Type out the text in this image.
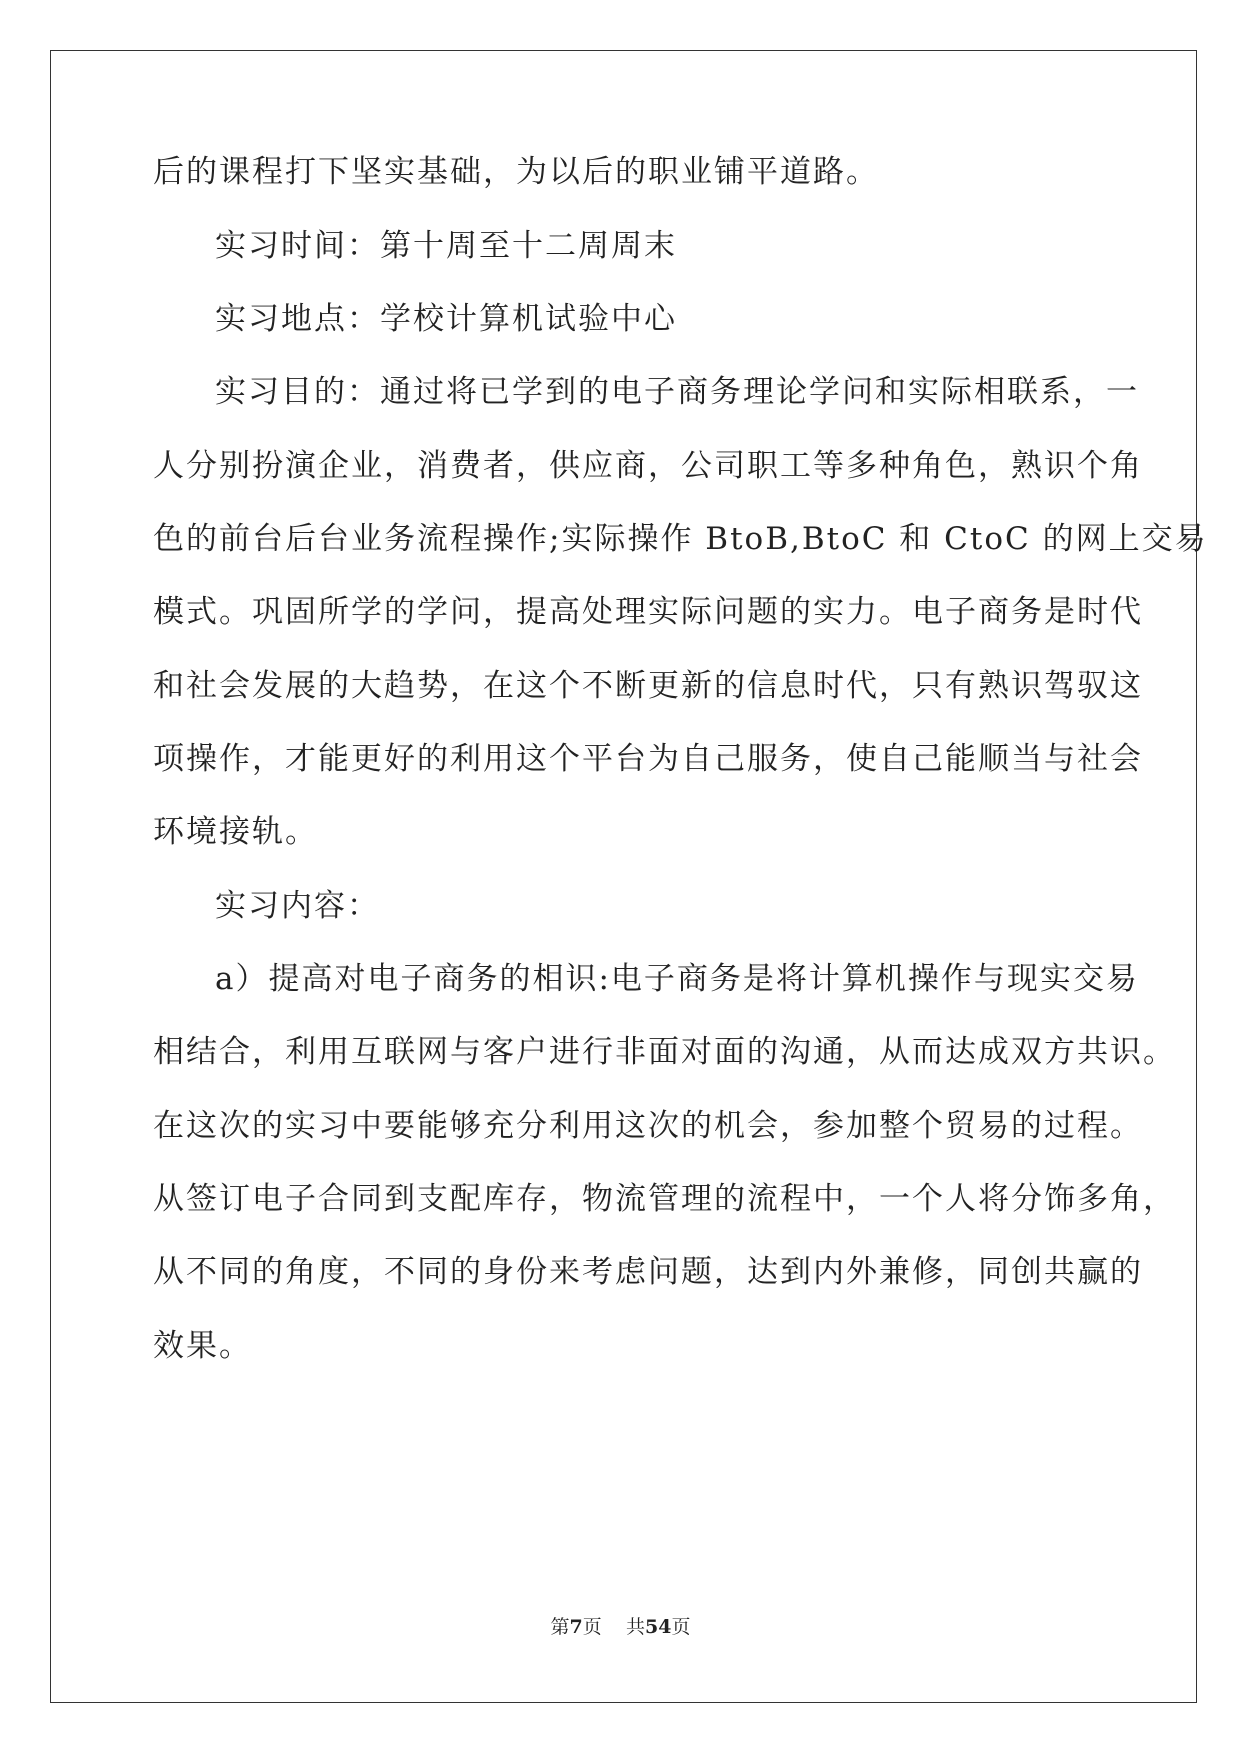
后的课程打下坚实基础，为以后的职业铺平道路。
实习时间：第十周至十二周周末
实习地点：学校计算机试验中心
实习目的：通过将已学到的电子商务理论学问和实际相联系，一
人分别扮演企业，消费者，供应商，公司职工等多种角色，熟识个角
色的前台后台业务流程操作;实际操作 BtoB,BtoC 和 CtoC 的网上交易
模式。巩固所学的学问，提高处理实际问题的实力。电子商务是时代
和社会发展的大趋势，在这个不断更新的信息时代，只有熟识驾驭这
项操作，才能更好的利用这个平台为自己服务，使自己能顺当与社会
环境接轨。
实习内容：
a）提高对电子商务的相识:电子商务是将计算机操作与现实交易
相结合，利用互联网与客户进行非面对面的沟通，从而达成双方共识。
在这次的实习中要能够充分利用这次的机会，参加整个贸易的过程。
从签订电子合同到支配库存，物流管理的流程中，一个人将分饰多角，
从不同的角度，不同的身份来考虑问题，达到内外兼修，同创共赢的
效果。
第7页 共54页
